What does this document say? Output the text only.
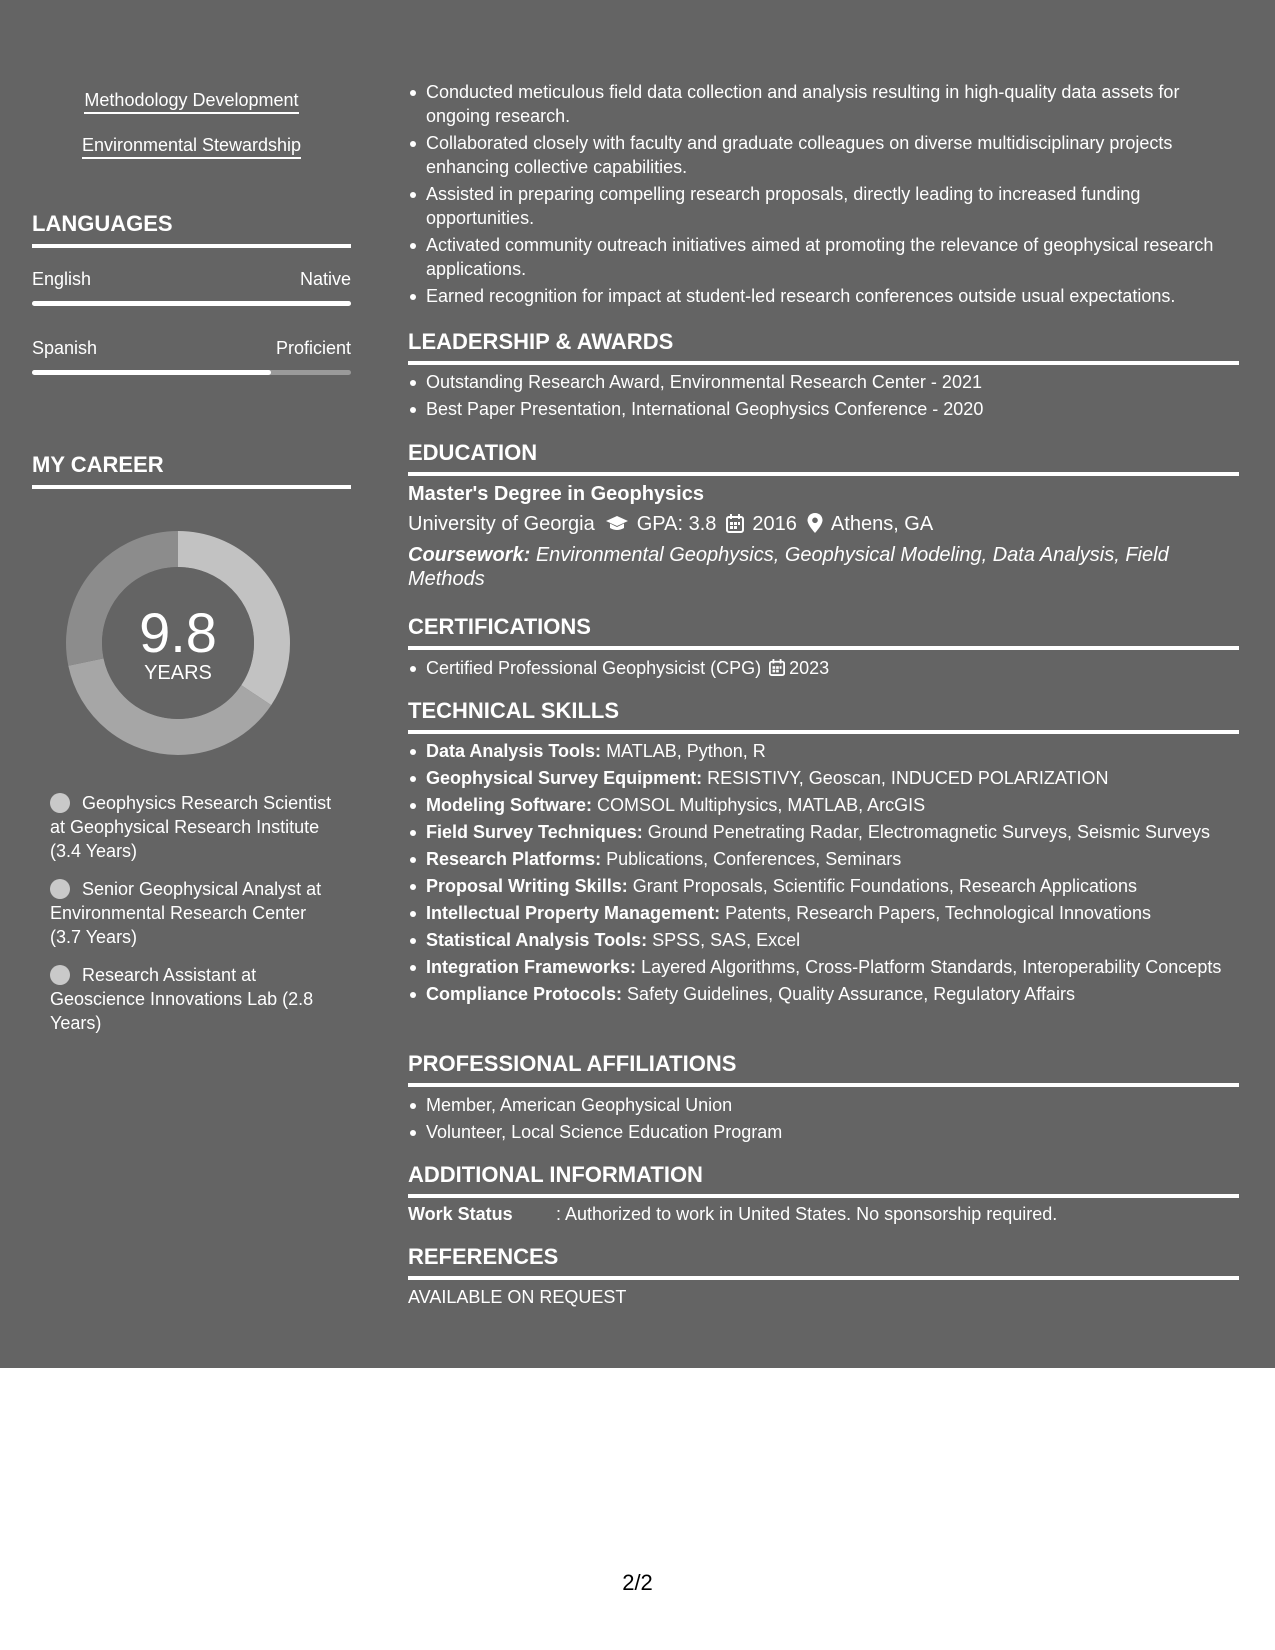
Methodology Development
Environmental Stewardship
LANGUAGES
English	Native
Spanish	Proficient
MY CAREER
9.8
YEARS
Geophysics Research Scientist at Geophysical Research Institute (3.4 Years)
Senior Geophysical Analyst at Environmental Research Center (3.7 Years)
Research Assistant at Geoscience Innovations Lab (2.8 Years)
Conducted meticulous field data collection and analysis resulting in high-quality data assets for ongoing research.
Collaborated closely with faculty and graduate colleagues on diverse multidisciplinary projects enhancing collective capabilities.
Assisted in preparing compelling research proposals, directly leading to increased funding opportunities.
Activated community outreach initiatives aimed at promoting the relevance of geophysical research applications.
Earned recognition for impact at student-led research conferences outside usual expectations.
LEADERSHIP & AWARDS
Outstanding Research Award, Environmental Research Center - 2021
Best Paper Presentation, International Geophysics Conference - 2020
EDUCATION
Master's Degree in Geophysics
University of Georgia GPA: 3.8 2016 Athens, GA
Coursework: Environmental Geophysics, Geophysical Modeling, Data Analysis, Field Methods
CERTIFICATIONS
Certified Professional Geophysicist (CPG) 2023
TECHNICAL SKILLS
Data Analysis Tools: MATLAB, Python, R
Geophysical Survey Equipment: RESISTIVY, Geoscan, INDUCED POLARIZATION
Modeling Software: COMSOL Multiphysics, MATLAB, ArcGIS
Field Survey Techniques: Ground Penetrating Radar, Electromagnetic Surveys, Seismic Surveys
Research Platforms: Publications, Conferences, Seminars
Proposal Writing Skills: Grant Proposals, Scientific Foundations, Research Applications
Intellectual Property Management: Patents, Research Papers, Technological Innovations
Statistical Analysis Tools: SPSS, SAS, Excel
Integration Frameworks: Layered Algorithms, Cross-Platform Standards, Interoperability Concepts
Compliance Protocols: Safety Guidelines, Quality Assurance, Regulatory Affairs
PROFESSIONAL AFFILIATIONS
Member, American Geophysical Union
Volunteer, Local Science Education Program
ADDITIONAL INFORMATION
Work Status : Authorized to work in United States. No sponsorship required.
REFERENCES
AVAILABLE ON REQUEST
2/2
